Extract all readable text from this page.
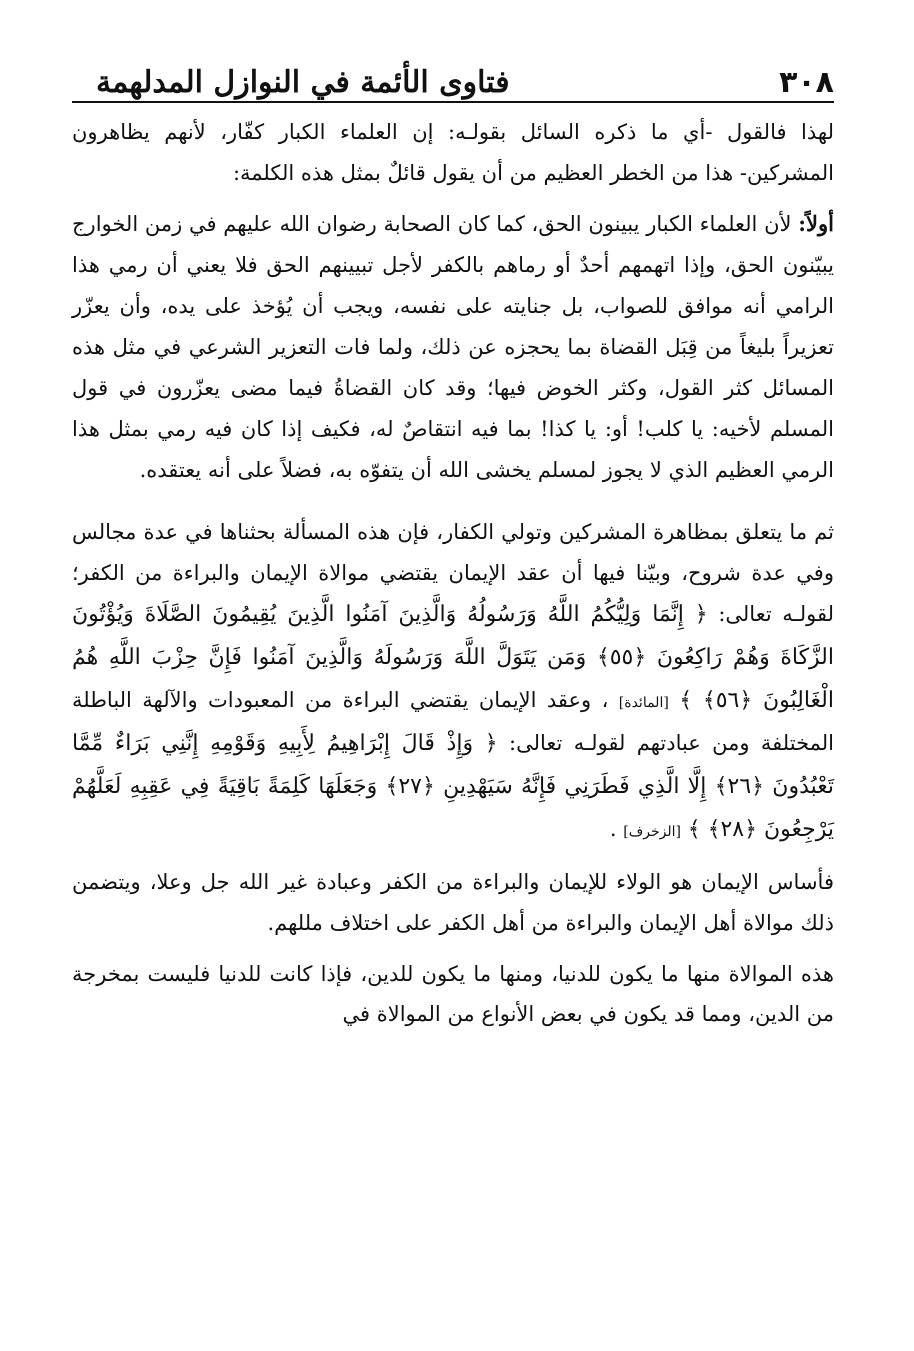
٣٠٨
فتاوى الأئمة في النوازل المدلهمة

لهذا فالقول -أي ما ذكره السائل بقولـه: إن العلماء الكبار كفّار، لأنهم يظاهرون المشركين- هذا من الخطر العظيم من أن يقول قائلٌ بمثل هذه الكلمة:

أولاً: لأن العلماء الكبار يبينون الحق، كما كان الصحابة رضوان الله عليهم في زمن الخوارج يبيّنون الحق، وإذا اتهمهم أحدٌ أو رماهم بالكفر لأجل تبيينهم الحق فلا يعني أن رمي هذا الرامي أنه موافق للصواب، بل جنايته على نفسه، ويجب أن يُؤخذ على يده، وأن يعزّر تعزيراً بليغاً من قِبَل القضاة بما يحجزه عن ذلك، ولما فات التعزير الشرعي في مثل هذه المسائل كثر القول، وكثر الخوض فيها؛ وقد كان القضاةُ فيما مضى يعزّرون في قول المسلم لأخيه: يا كلب! أو: يا كذا! بما فيه انتقاصٌ له، فكيف إذا كان فيه رمي بمثل هذا الرمي العظيم الذي لا يجوز لمسلم يخشى الله أن يتفوّه به، فضلاً على أنه يعتقده.

ثم ما يتعلق بمظاهرة المشركين وتولي الكفار، فإن هذه المسألة بحثناها في عدة مجالس وفي عدة شروح، وبيّنا فيها أن عقد الإيمان يقتضي موالاة الإيمان والبراءة من الكفر؛ لقولـه تعالى: ﴿ إِنَّمَا وَلِيُّكُمُ اللَّهُ وَرَسُولُهُ وَالَّذِينَ آمَنُوا الَّذِينَ يُقِيمُونَ الصَّلَاةَ وَيُؤْتُونَ الزَّكَاةَ وَهُمْ رَاكِعُونَ ﴿٥٥﴾ وَمَن يَتَوَلَّ اللَّهَ وَرَسُولَهُ وَالَّذِينَ آمَنُوا فَإِنَّ حِزْبَ اللَّهِ هُمُ الْغَالِبُونَ ﴿٥٦﴾ ﴾ [المائدة] ، وعقد الإيمان يقتضي البراءة من المعبودات والآلهة الباطلة المختلفة ومن عبادتهم لقولـه تعالى: ﴿ وَإِذْ قَالَ إِبْرَاهِيمُ لِأَبِيهِ وَقَوْمِهِ إِنَّنِي بَرَاءٌ مِّمَّا تَعْبُدُونَ ﴿٢٦﴾ إِلَّا الَّذِي فَطَرَنِي فَإِنَّهُ سَيَهْدِينِ ﴿٢٧﴾ وَجَعَلَهَا كَلِمَةً بَاقِيَةً فِي عَقِبِهِ لَعَلَّهُمْ يَرْجِعُونَ ﴿٢٨﴾ ﴾ [الزخرف] .

فأساس الإيمان هو الولاء للإيمان والبراءة من الكفر وعبادة غير الله جل وعلا، ويتضمن ذلك موالاة أهل الإيمان والبراءة من أهل الكفر على اختلاف مللهم.

هذه الموالاة منها ما يكون للدنيا، ومنها ما يكون للدين، فإذا كانت للدنيا فليست بمخرجة من الدين، ومما قد يكون في بعض الأنواع من الموالاة في
